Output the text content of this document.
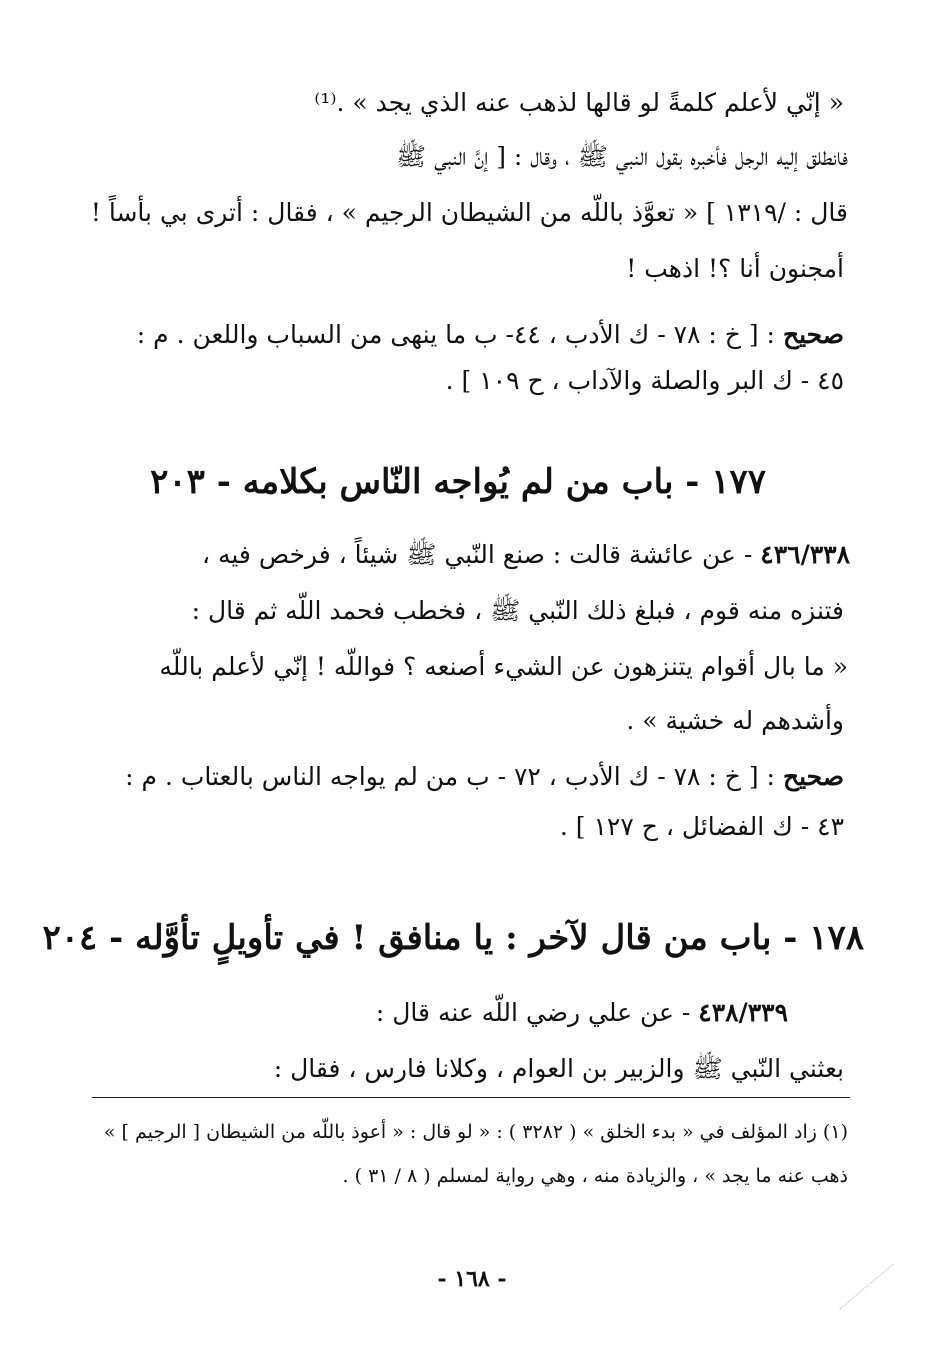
« إنّي لأعلم كلمةً لو قالها لذهب عنه الذي يجد » .⁽¹⁾
فانطلق إليه الرجل فأخبره بقول النبي ﷺ ، وقال : [ إنَّ النبي ﷺ
قال : /١٣١٩ ] « تعوَّذ باللّه من الشيطان الرجيم » ، فقال : أترى بي بأساً !
أمجنون أنا ؟! اذهب !
صحيح : [ خ : ٧٨ - ك الأدب ، ٤٤- ب ما ينهى من السباب واللعن . م :
٤٥ - ك البر والصلة والآداب ، ح ١٠٩ ] .
١٧٧ - باب من لم يُواجه النّاس بكلامه - ٢٠٣
٤٣٦/٣٣٨ - عن عائشة قالت : صنع النّبي ﷺ شيئاً ، فرخص فيه ،
فتنزه منه قوم ، فبلغ ذلك النّبي ﷺ ، فخطب فحمد اللّه ثم قال :
« ما بال أقوام يتنزهون عن الشيء أصنعه ؟ فواللّه ! إنّي لأعلم باللّه
وأشدهم له خشية » .
صحيح : [ خ : ٧٨ - ك الأدب ، ٧٢ - ب من لم يواجه الناس بالعتاب . م :
٤٣ - ك الفضائل ، ح ١٢٧ ] .
١٧٨ - باب من قال لآخر : يا منافق ! في تأويلٍ تأوَّله - ٢٠٤
٤٣٨/٣٣٩ - عن علي رضي اللّه عنه قال :
بعثني النّبي ﷺ والزبير بن العوام ، وكلانا فارس ، فقال :
(١) زاد المؤلف في « بدء الخلق » ( ٣٢٨٢ ) : « لو قال : « أعوذ باللّه من الشيطان [ الرجيم ] »
ذهب عنه ما يجد » ، والزيادة منه ، وهي رواية لمسلم ( ٨ / ٣١ ) .
- ١٦٨ -
